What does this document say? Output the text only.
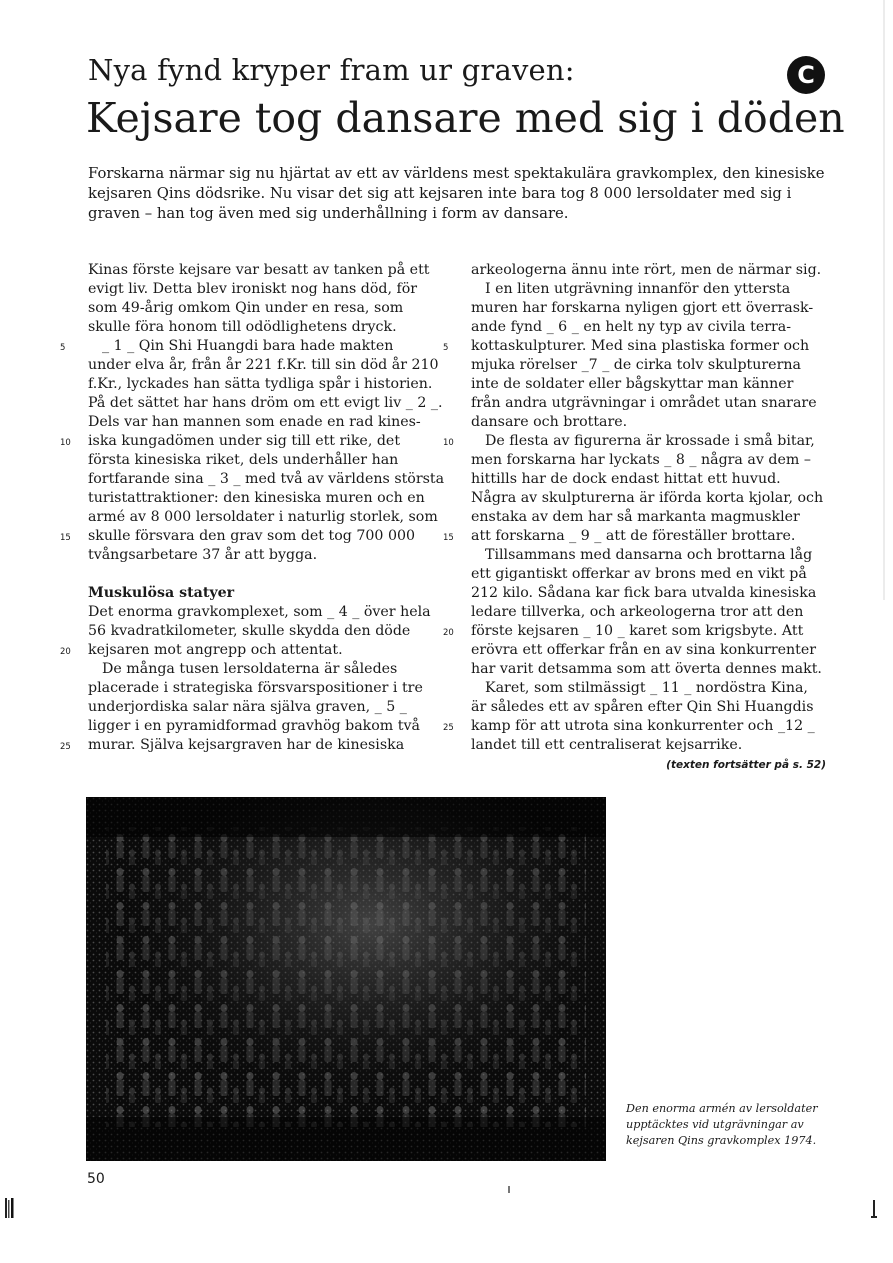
Nya fynd kryper fram ur graven:	C
Kejsare tog dansare med sig i döden

Forskarna närmar sig nu hjärtat av ett av världens mest spektakulära gravkomplex, den kinesiske kejsaren Qins dödsrike. Nu visar det sig att kejsaren inte bara tog 8 000 lersoldater med sig i graven – han tog även med sig underhållning i form av dansare.

Kinas förste kejsare var besatt av tanken på ett
evigt liv. Detta blev ironiskt nog hans död, för
som 49-årig omkom Qin under en resa, som
skulle föra honom till odödlighetens dryck.
5	_ 1 _ Qin Shi Huangdi bara hade makten
under elva år, från år 221 f.Kr. till sin död år 210
f.Kr., lyckades han sätta tydliga spår i historien.
På det sättet har hans dröm om ett evigt liv _ 2 _.
Dels var han mannen som enade en rad kines-
10	iska kungadömen under sig till ett rike, det
första kinesiska riket, dels underhåller han
fortfarande sina _ 3 _ med två av världens största
turistattraktioner: den kinesiska muren och en
armé av 8 000 lersoldater i naturlig storlek, som
15	skulle försvara den grav som det tog 700 000
tvångsarbetare 37 år att bygga.
Muskulösa statyer
Det enorma gravkomplexet, som _ 4 _ över hela
56 kvadratkilometer, skulle skydda den döde
20	kejsaren mot angrepp och attentat.
De många tusen lersoldaterna är således
placerade i strategiska försvarspositioner i tre
underjordiska salar nära själva graven, _ 5 _
ligger i en pyramidformad gravhög bakom två
25	murar. Själva kejsargraven har de kinesiska
arkeologerna ännu inte rört, men de närmar sig.
I en liten utgrävning innanför den yttersta
muren har forskarna nyligen gjort ett överrask-
ande fynd _ 6 _ en helt ny typ av civila terra-
5	kottaskulpturer. Med sina plastiska former och
mjuka rörelser _7 _ de cirka tolv skulpturerna
inte de soldater eller bågskyttar man känner
från andra utgrävningar i området utan snarare
dansare och brottare.
10	De flesta av figurerna är krossade i små bitar,
men forskarna har lyckats _ 8 _ några av dem –
hittills har de dock endast hittat ett huvud.
Några av skulpturerna är iförda korta kjolar, och
enstaka av dem har så markanta magmuskler
15	att forskarna _ 9 _ att de föreställer brottare.
Tillsammans med dansarna och brottarna låg
ett gigantiskt offerkar av brons med en vikt på
212 kilo. Sådana kar fick bara utvalda kinesiska
ledare tillverka, och arkeologerna tror att den
20	förste kejsaren _ 10 _ karet som krigsbyte. Att
erövra ett offerkar från en av sina konkurrenter
har varit detsamma som att överta dennes makt.
Karet, som stilmässigt _ 11 _ nordöstra Kina,
är således ett av spåren efter Qin Shi Huangdis
25	kamp för att utrota sina konkurrenter och _12 _
landet till ett centraliserat kejsarrike.
(texten fortsätter på s. 52)
Den enorma armén av lersoldater
upptäcktes vid utgrävningar av
kejsaren Qins gravkomplex 1974.
50
